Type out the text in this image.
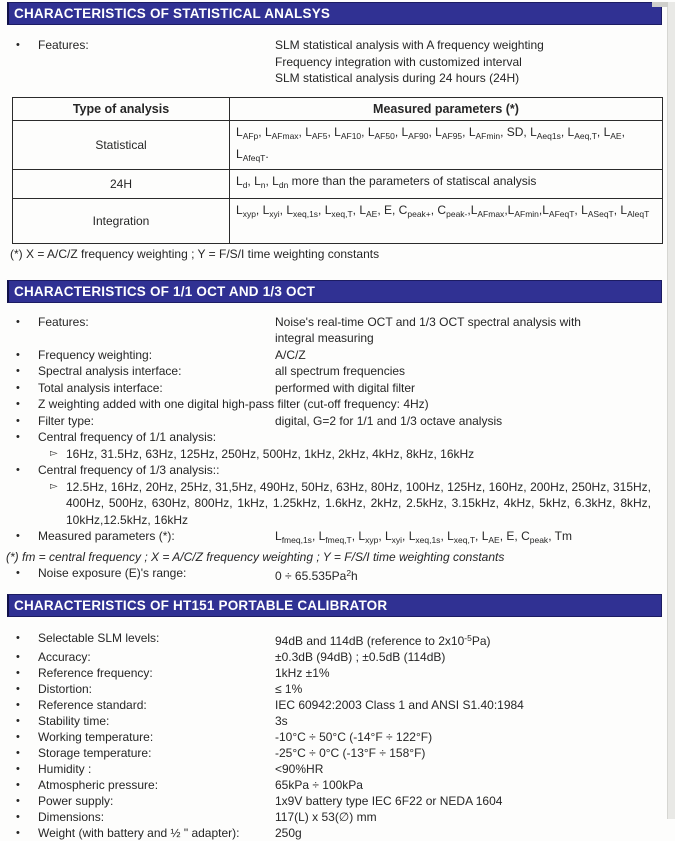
CHARACTERISTICS OF STATISTICAL ANALSYS
•	Features:	SLM statistical analysis with A frequency weighting
Frequency integration with customized interval
SLM statistical analysis during 24 hours (24H)
Type of analysis	Measured parameters (*)
Statistical	$L_{AFp}$, $L_{AFmax}$, $L_{AF5}$, $L_{AF10}$, $L_{AF50}$, $L_{AF90}$, $L_{AF95}$, $L_{AFmin}$, SD, $L_{Aeq1s}$, $L_{Aeq,T}$, $L_{AE}$, $L_{AfeqT}$.
24H	$L_d$, $L_n$, $L_{dn}$ more than the parameters of statiscal analysis
Integration	$L_{xyp}$, $L_{xyi}$, $L_{xeq,1s}$, $L_{xeq,T}$, $L_{AE}$, E, $C_{peak+}$, $C_{peak-},L_{AFmax},L_{AFmin},L_{AFeqT}$, $L_{ASeqT}$, $L_{AleqT}$
(*) X = A/C/Z frequency weighting ; Y = F/S/I time weighting constants
CHARACTERISTICS OF 1/1 OCT AND 1/3 OCT
•	Features:	Noise's real-time OCT and 1/3 OCT spectral analysis with
integral measuring
•	Frequency weighting:	A/C/Z
•	Spectral analysis interface:	all spectrum frequencies
•	Total analysis interface:	performed with digital filter
•	Z weighting added with one digital high-pass filter (cut-off frequency: 4Hz)
•	Filter type:	digital, G=2 for 1/1 and 1/3 octave analysis
•	Central frequency of 1/1 analysis:
▻ 16Hz, 31.5Hz, 63Hz, 125Hz, 250Hz, 500Hz, 1kHz, 2kHz, 4kHz, 8kHz, 16kHz
•	Central frequency of 1/3 analysis::
▻ 12.5Hz, 16Hz, 20Hz, 25Hz, 31,5Hz, 490Hz, 50Hz, 63Hz, 80Hz, 100Hz, 125Hz, 160Hz, 200Hz, 250Hz, 315Hz, 400Hz, 500Hz, 630Hz, 800Hz, 1kHz, 1.25kHz, 1.6kHz, 2kHz, 2.5kHz, 3.15kHz, 4kHz, 5kHz, 6.3kHz, 8kHz, 10kHz,12.5kHz, 16kHz
•	Measured parameters (*):	$L_{fmeq,1s}$, $L_{fmeq,T}$, $L_{xyp}$, $L_{xyi}$, $L_{xeq,1s}$, $L_{xeq,T}$, $L_{AE}$, E, $C_{peak}$, Tm
(*) fm = central frequency ; X = A/C/Z frequency weighting ; Y = F/S/I time weighting constants
•	Noise exposure (E)'s range:	$0 \div 65.535Pa^2h$
CHARACTERISTICS OF HT151 PORTABLE CALIBRATOR
•	Selectable SLM levels:	94dB and 114dB (reference to $2x10^{-5}Pa$)
•	Accuracy:	±0.3dB (94dB) ; ±0.5dB (114dB)
•	Reference frequency:	1kHz ±1%
•	Distortion:	≤ 1%
•	Reference standard:	IEC 60942:2003 Class 1 and ANSI S1.40:1984
•	Stability time:	3s
•	Working temperature:	-10°C ÷ 50°C (-14°F ÷ 122°F)
•	Storage temperature:	-25°C ÷ 0°C (-13°F ÷ 158°F)
•	Humidity :	<90%HR
•	Atmospheric pressure:	65kPa ÷ 100kPa
•	Power supply:	1x9V battery type IEC 6F22 or NEDA 1604
•	Dimensions:	117(L) x 53(∅) mm
•	Weight (with battery and ½ " adapter):	250g
